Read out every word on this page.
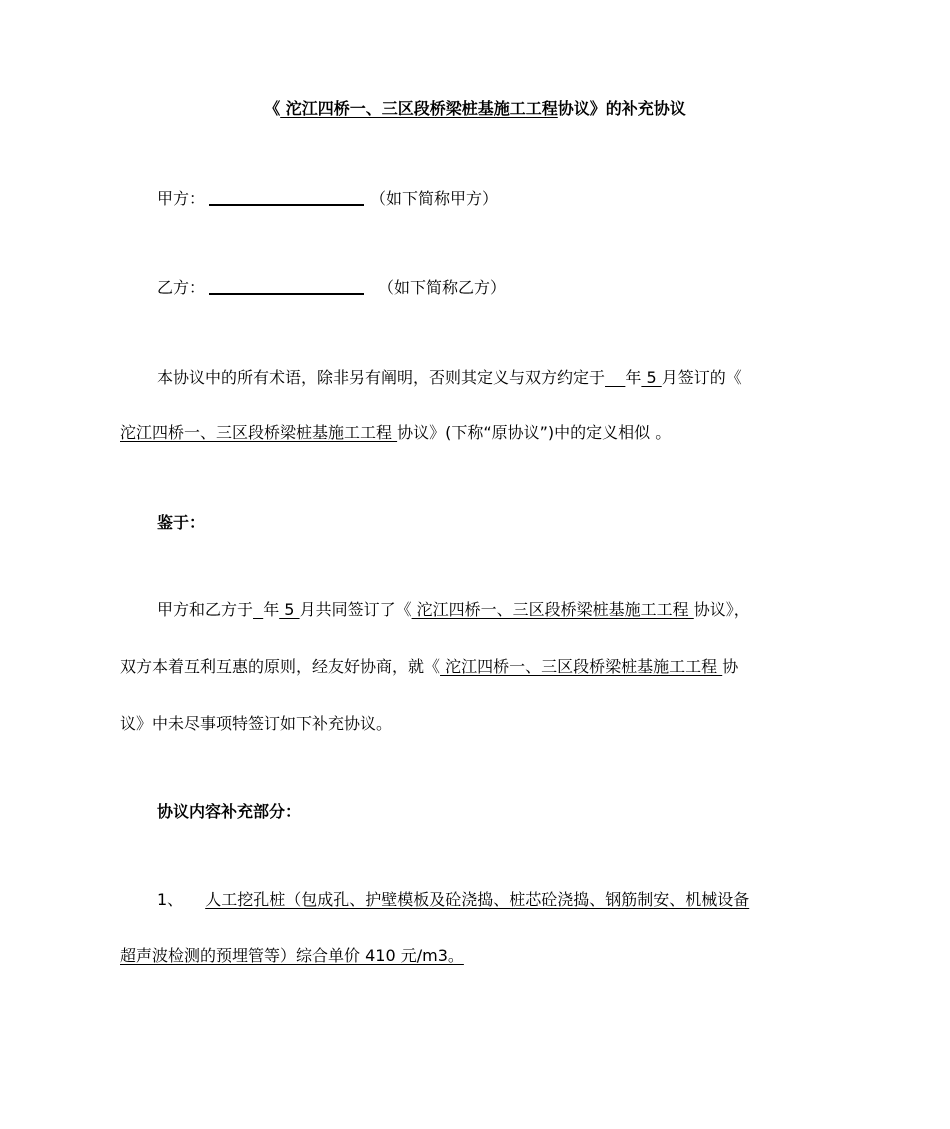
《 沱江四桥一、三区段桥梁桩基施工工程协议》的补充协议
甲方：	（如下简称甲方）
乙方：	（如下简称乙方）
本协议中的所有术语，除非另有阐明，否则其定义与双方约定于 年 5 月签订的《
沱江四桥一、三区段桥梁桩基施工工程 协议》(下称“原协议”)中的定义相似 。
鉴于：
甲方和乙方于 年 5 月共同签订了《 沱江四桥一、三区段桥梁桩基施工工程 协议》，
双方本着互利互惠的原则，经友好协商，就《 沱江四桥一、三区段桥梁桩基施工工程 协
议》中未尽事项特签订如下补充协议。
协议内容补充部分：
1、 人工挖孔桩（包成孔、护壁模板及砼浇捣、桩芯砼浇捣、钢筋制安、机械设备
超声波检测的预埋管等）综合单价 410 元/m3。
